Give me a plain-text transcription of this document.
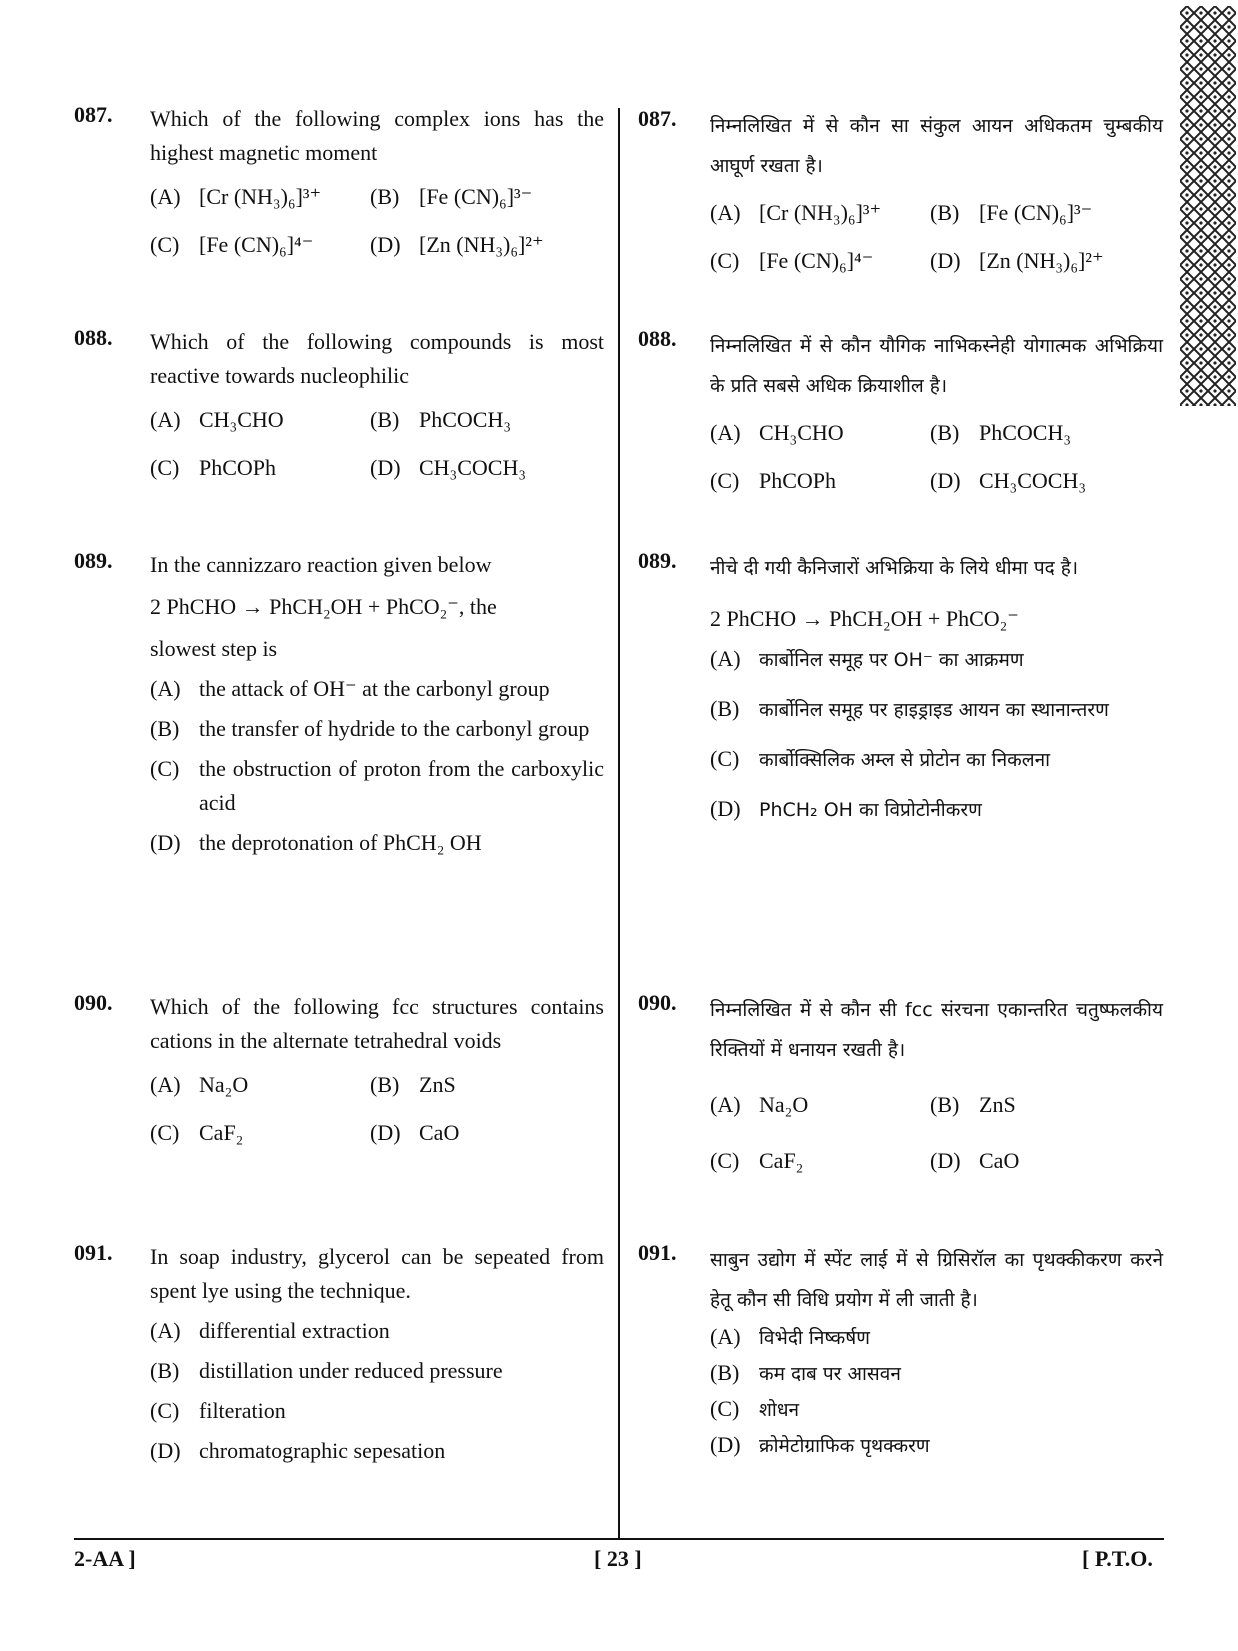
087. Which of the following complex ions has the highest magnetic moment
(A) [Cr (NH₃)₆]³⁺	(B) [Fe (CN)₆]³⁻
(C) [Fe (CN)₆]⁴⁻	(D) [Zn (NH₃)₆]²⁺
088. Which of the following compounds is most reactive towards nucleophilic
(A) CH₃CHO	(B) PhCOCH₃
(C) PhCOPh	(D) CH₃COCH₃
089. In the cannizzaro reaction given below
2 PhCHO → PhCH₂OH + PhCO₂⁻, the
slowest step is
(A) the attack of OH⁻ at the carbonyl group
(B) the transfer of hydride to the carbonyl group
(C) the obstruction of proton from the carboxylic acid
(D) the deprotonation of PhCH₂ OH
090. Which of the following fcc structures contains cations in the alternate tetrahedral voids
(A) Na₂O	(B) ZnS
(C) CaF₂	(D) CaO
091. In soap industry, glycerol can be sepeated from spent lye using the technique.
(A) differential extraction
(B) distillation under reduced pressure
(C) filteration
(D) chromatographic sepesation
087. निम्नलिखित में से कौन सा संकुल आयन अधिकतम चुम्बकीय आघूर्ण रखता है।
(A) [Cr (NH₃)₆]³⁺	(B) [Fe (CN)₆]³⁻
(C) [Fe (CN)₆]⁴⁻	(D) [Zn (NH₃)₆]²⁺
088. निम्नलिखित में से कौन यौगिक नाभिकस्नेही योगात्मक अभिक्रिया के प्रति सबसे अधिक क्रियाशील है।
(A) CH₃CHO	(B) PhCOCH₃
(C) PhCOPh	(D) CH₃COCH₃
089. नीचे दी गयी कैनिजारों अभिक्रिया के लिये धीमा पद है।
2 PhCHO → PhCH₂OH + PhCO₂⁻
(A) कार्बोनिल समूह पर OH⁻ का आक्रमण
(B)	कार्बोनिल समूह पर हाइड्राइड आयन का स्थानान्तरण
(C)	कार्बोक्सिलिक अम्ल से प्रोटोन का निकलना
(D) PhCH₂ OH का विप्रोटोनीकरण
090. निम्नलिखित में से कौन सी fcc संरचना एकान्तरित चतुष्फलकीय रिक्तियों में धनायन रखती है।
(A) Na₂O	(B) ZnS
(C) CaF₂	(D) CaO
091. साबुन उद्योग में स्पेंट लाई में से ग्रिसिरॉल का पृथक्कीकरण करने हेतू कौन सी विधि प्रयोग में ली जाती है।
(A) विभेदी निष्कर्षण
(B)	कम दाब पर आसवन
(C)	शोधन
(D) क्रोमेटोग्राफिक पृथक्करण
2-AA ]	[ 23 ]	[ P.T.O.
